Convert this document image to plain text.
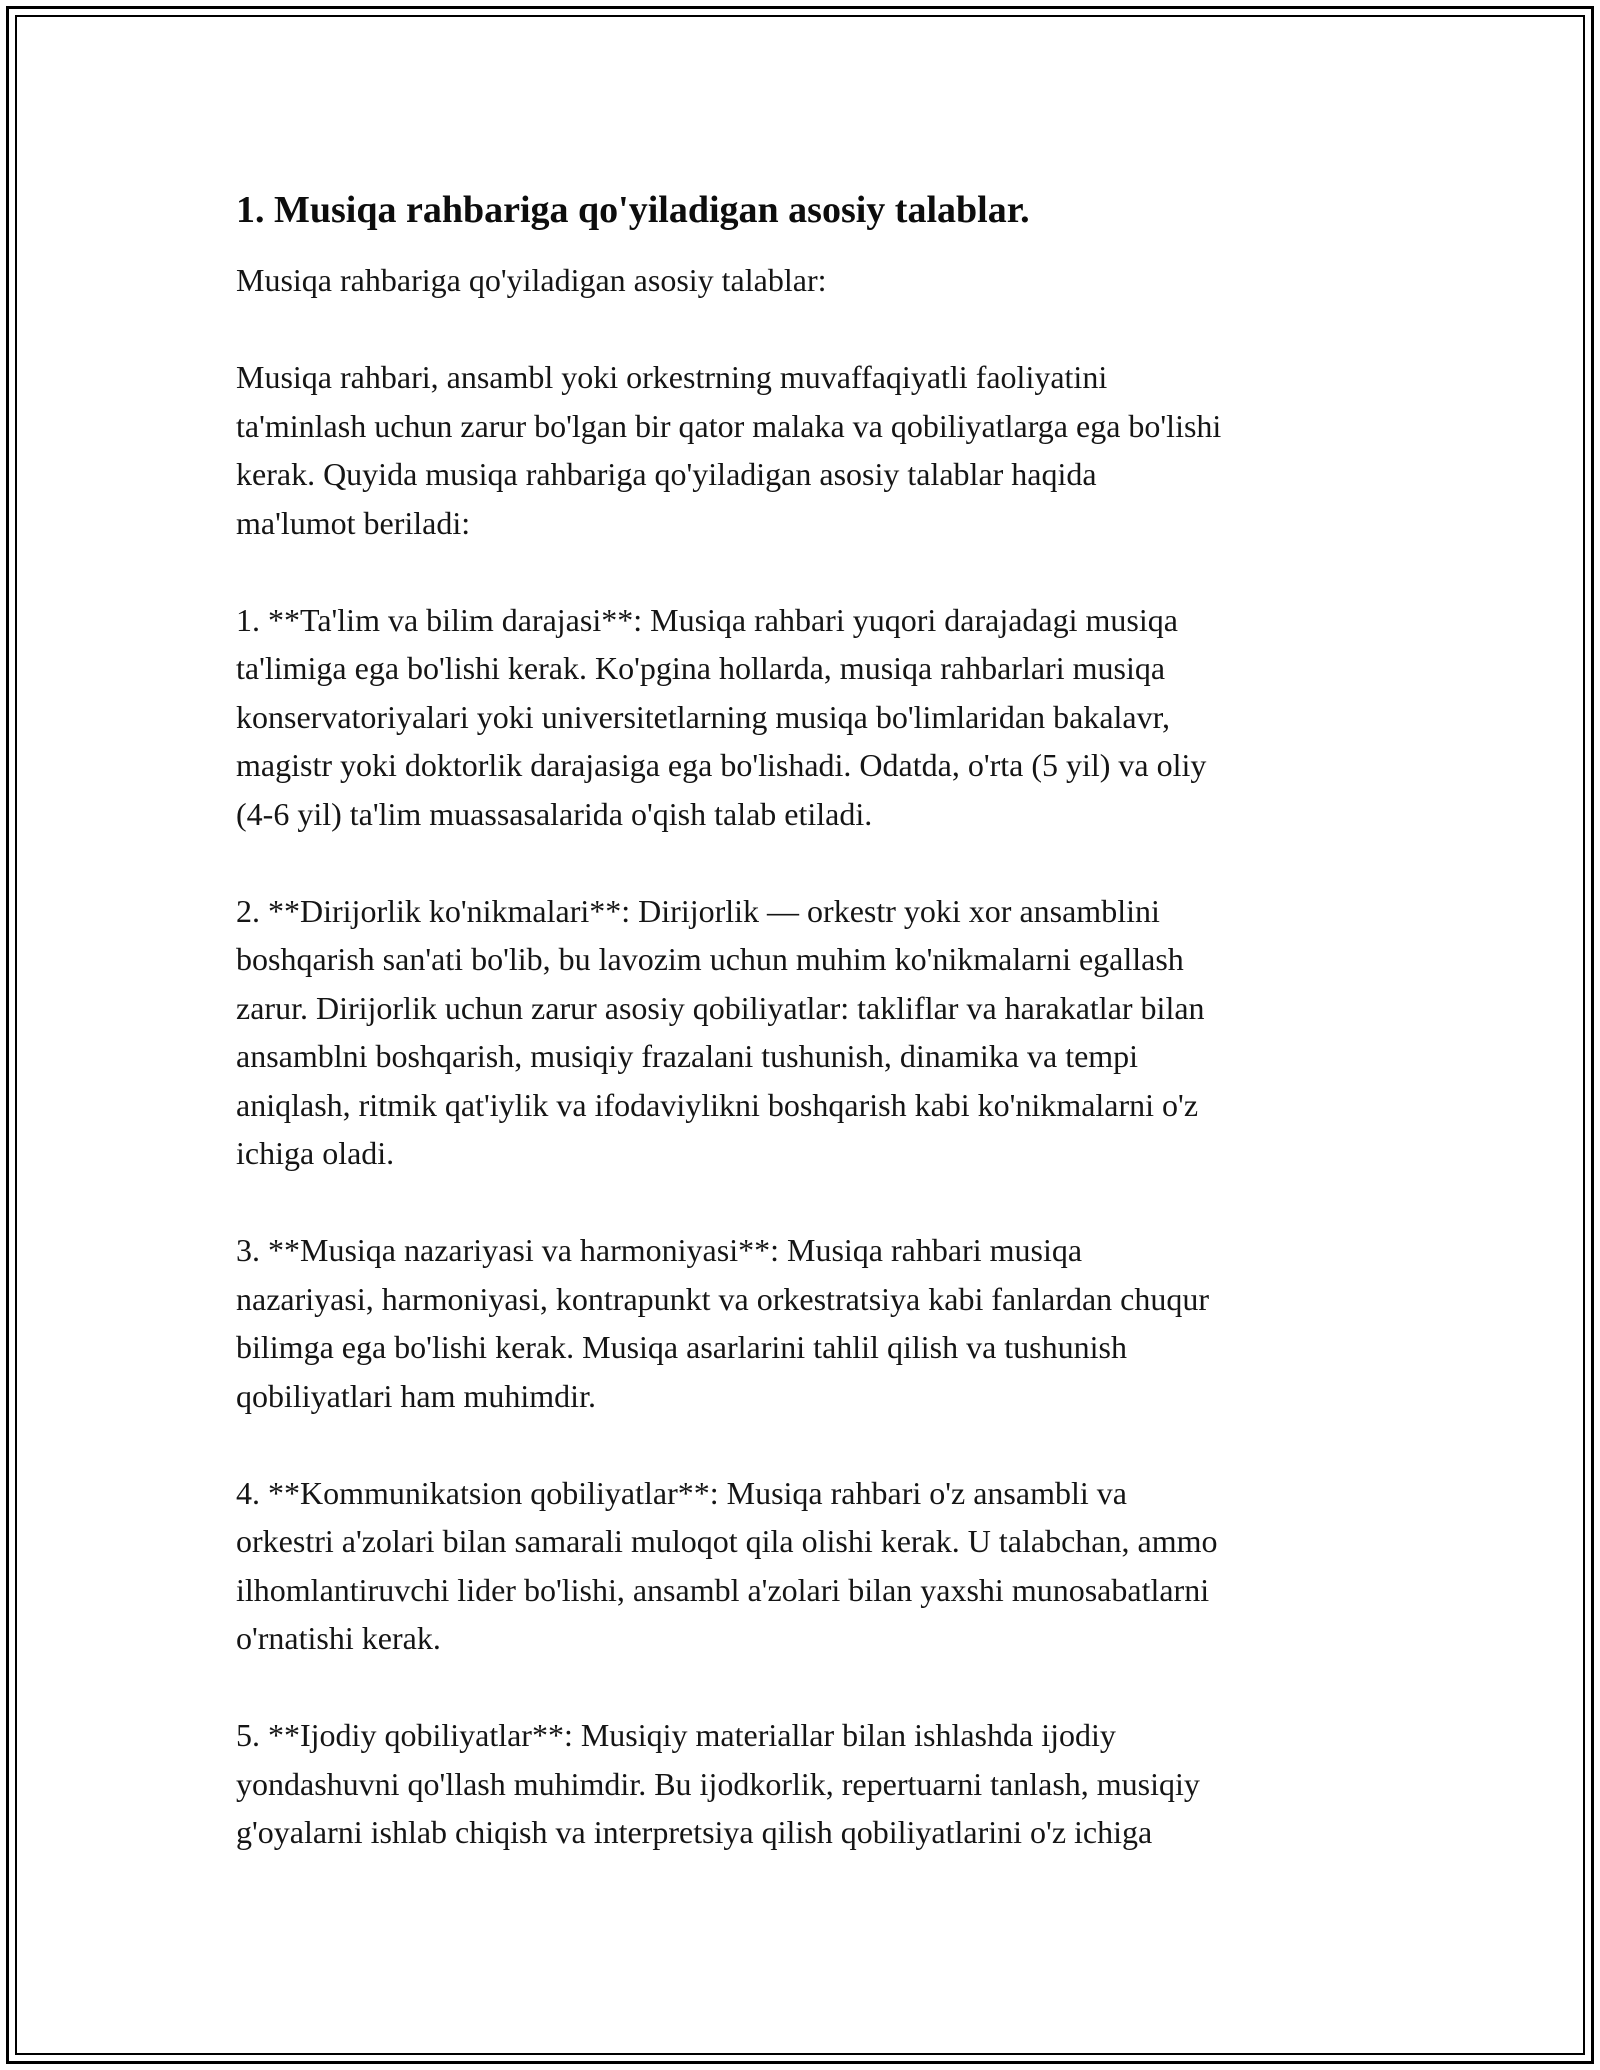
1. Musiqa rahbariga qo'yiladigan asosiy talablar.

Musiqa rahbariga qo'yiladigan asosiy talablar:

Musiqa rahbari, ansambl yoki orkestrning muvaffaqiyatli faoliyatini
ta'minlash uchun zarur bo'lgan bir qator malaka va qobiliyatlarga ega bo'lishi
kerak. Quyida musiqa rahbariga qo'yiladigan asosiy talablar haqida
ma'lumot beriladi:

1. **Ta'lim va bilim darajasi**: Musiqa rahbari yuqori darajadagi musiqa
ta'limiga ega bo'lishi kerak. Ko'pgina hollarda, musiqa rahbarlari musiqa
konservatoriyalari yoki universitetlarning musiqa bo'limlaridan bakalavr,
magistr yoki doktorlik darajasiga ega bo'lishadi. Odatda, o'rta (5 yil) va oliy
(4-6 yil) ta'lim muassasalarida o'qish talab etiladi.

2. **Dirijorlik ko'nikmalari**: Dirijorlik — orkestr yoki xor ansamblini
boshqarish san'ati bo'lib, bu lavozim uchun muhim ko'nikmalarni egallash
zarur. Dirijorlik uchun zarur asosiy qobiliyatlar: takliflar va harakatlar bilan
ansamblni boshqarish, musiqiy frazalani tushunish, dinamika va tempi
aniqlash, ritmik qat'iylik va ifodaviylikni boshqarish kabi ko'nikmalarni o'z
ichiga oladi.

3. **Musiqa nazariyasi va harmoniyasi**: Musiqa rahbari musiqa
nazariyasi, harmoniyasi, kontrapunkt va orkestratsiya kabi fanlardan chuqur
bilimga ega bo'lishi kerak. Musiqa asarlarini tahlil qilish va tushunish
qobiliyatlari ham muhimdir.

4. **Kommunikatsion qobiliyatlar**: Musiqa rahbari o'z ansambli va
orkestri a'zolari bilan samarali muloqot qila olishi kerak. U talabchan, ammo
ilhomlantiruvchi lider bo'lishi, ansambl a'zolari bilan yaxshi munosabatlarni
o'rnatishi kerak.

5. **Ijodiy qobiliyatlar**: Musiqiy materiallar bilan ishlashda ijodiy
yondashuvni qo'llash muhimdir. Bu ijodkorlik, repertuarni tanlash, musiqiy
g'oyalarni ishlab chiqish va interpretsiya qilish qobiliyatlarini o'z ichiga
